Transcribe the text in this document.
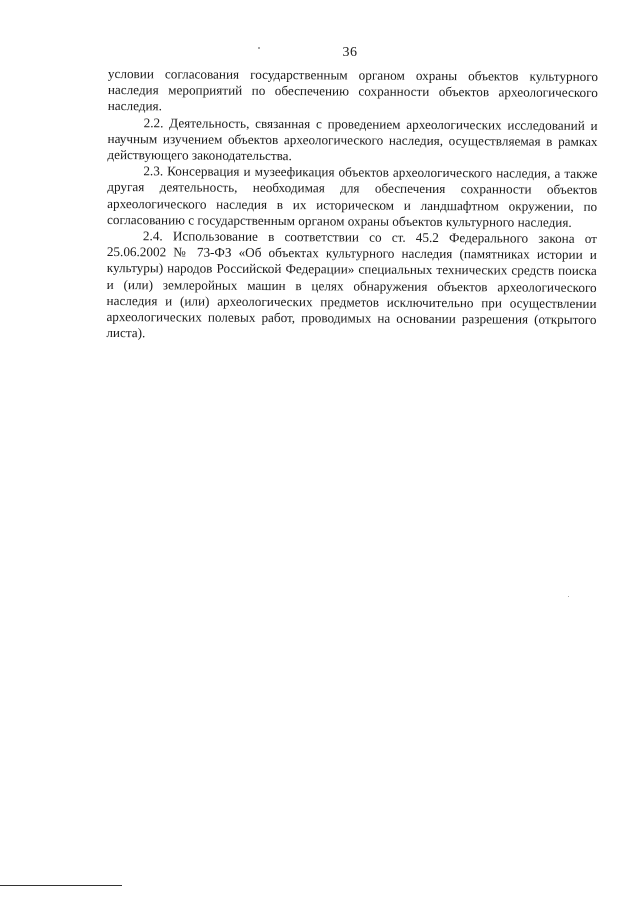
36

условии согласования государственным органом охраны объектов культурного наследия мероприятий по обеспечению сохранности объектов археологического наследия.

2.2. Деятельность, связанная с проведением археологических исследований и научным изучением объектов археологического наследия, осуществляемая в рамках действующего законодательства.

2.3. Консервация и музеефикация объектов археологического наследия, а также другая деятельность, необходимая для обеспечения сохранности объектов археологического наследия в их историческом и ландшафтном окружении, по согласованию с государственным органом охраны объектов культурного наследия.

2.4. Использование в соответствии со ст. 45.2 Федерального закона от 25.06.2002 № 73-ФЗ «Об объектах культурного наследия (памятниках истории и культуры) народов Российской Федерации» специальных технических средств поиска и (или) землеройных машин в целях обнаружения объектов археологического наследия и (или) археологических предметов исключительно при осуществлении археологических полевых работ, проводимых на основании разрешения (открытого листа).
